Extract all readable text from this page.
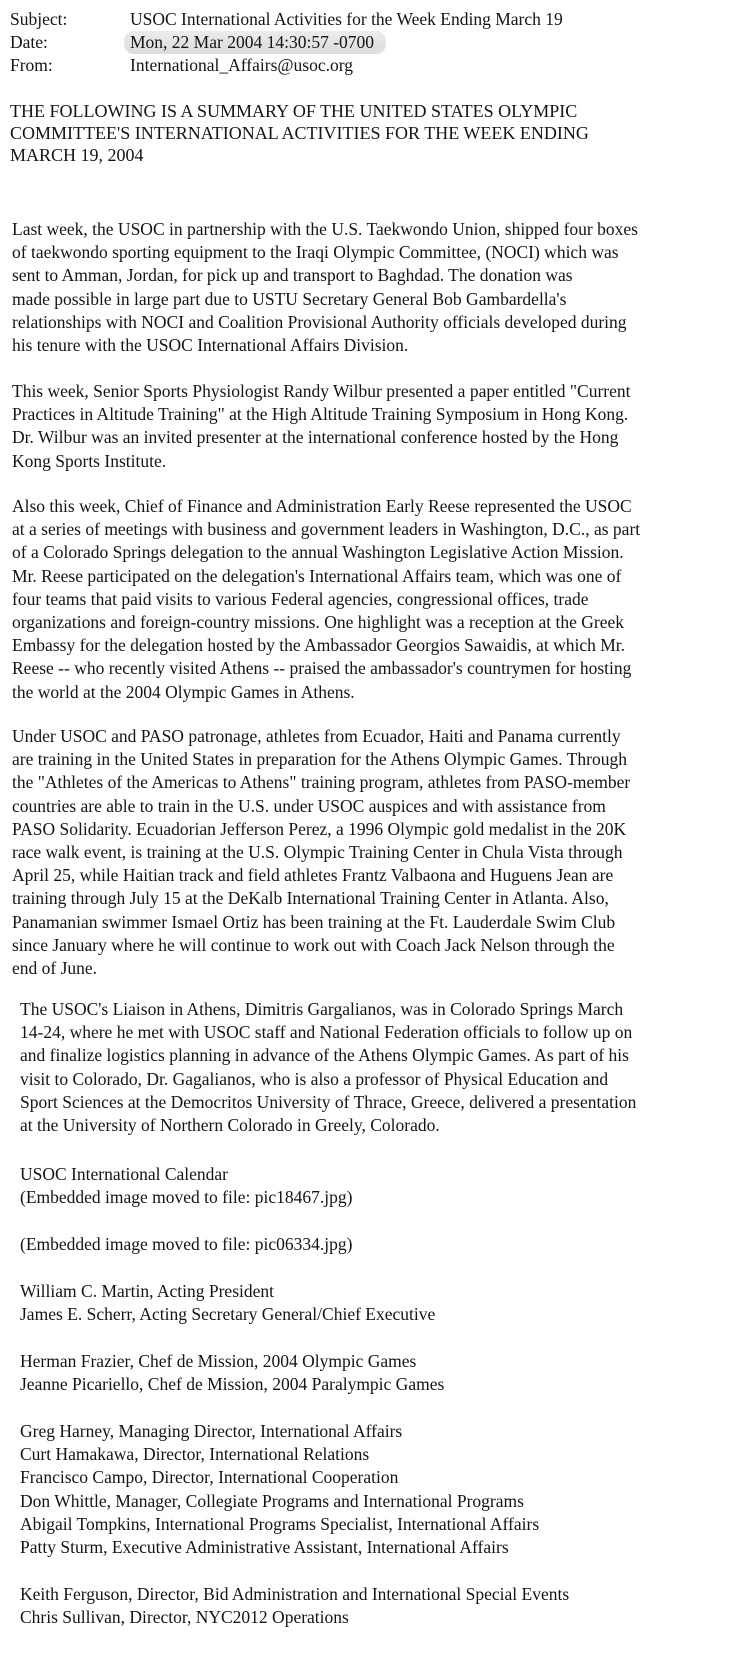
Subject:	USOC International Activities for the Week Ending March 19
Date:	Mon, 22 Mar 2004 14:30:57 -0700
From:	International_Affairs@usoc.org
THE FOLLOWING IS A SUMMARY OF THE UNITED STATES OLYMPIC
COMMITTEE'S INTERNATIONAL ACTIVITIES FOR THE WEEK ENDING
MARCH 19, 2004
Last week, the USOC in partnership with the U.S. Taekwondo Union, shipped four boxes
of taekwondo sporting equipment to the Iraqi Olympic Committee, (NOCI) which was
sent to Amman, Jordan, for pick up and transport to Baghdad. The donation was
made possible in large part due to USTU Secretary General Bob Gambardella's
relationships with NOCI and Coalition Provisional Authority officials developed during
his tenure with the USOC International Affairs Division.
This week, Senior Sports Physiologist Randy Wilbur presented a paper entitled "Current
Practices in Altitude Training" at the High Altitude Training Symposium in Hong Kong.
Dr. Wilbur was an invited presenter at the international conference hosted by the Hong
Kong Sports Institute.
Also this week, Chief of Finance and Administration Early Reese represented the USOC
at a series of meetings with business and government leaders in Washington, D.C., as part
of a Colorado Springs delegation to the annual Washington Legislative Action Mission.
Mr. Reese participated on the delegation's International Affairs team, which was one of
four teams that paid visits to various Federal agencies, congressional offices, trade
organizations and foreign-country missions. One highlight was a reception at the Greek
Embassy for the delegation hosted by the Ambassador Georgios Sawaidis, at which Mr.
Reese -- who recently visited Athens -- praised the ambassador's countrymen for hosting
the world at the 2004 Olympic Games in Athens.
Under USOC and PASO patronage, athletes from Ecuador, Haiti and Panama currently
are training in the United States in preparation for the Athens Olympic Games. Through
the "Athletes of the Americas to Athens" training program, athletes from PASO-member
countries are able to train in the U.S. under USOC auspices and with assistance from
PASO Solidarity. Ecuadorian Jefferson Perez, a 1996 Olympic gold medalist in the 20K
race walk event, is training at the U.S. Olympic Training Center in Chula Vista through
April 25, while Haitian track and field athletes Frantz Valbaona and Huguens Jean are
training through July 15 at the DeKalb International Training Center in Atlanta. Also,
Panamanian swimmer Ismael Ortiz has been training at the Ft. Lauderdale Swim Club
since January where he will continue to work out with Coach Jack Nelson through the
end of June.
The USOC's Liaison in Athens, Dimitris Gargalianos, was in Colorado Springs March
14-24, where he met with USOC staff and National Federation officials to follow up on
and finalize logistics planning in advance of the Athens Olympic Games. As part of his
visit to Colorado, Dr. Gagalianos, who is also a professor of Physical Education and
Sport Sciences at the Democritos University of Thrace, Greece, delivered a presentation
at the University of Northern Colorado in Greely, Colorado.
USOC International Calendar
(Embedded image moved to file: pic18467.jpg)
(Embedded image moved to file: pic06334.jpg)
William C. Martin, Acting President
James E. Scherr, Acting Secretary General/Chief Executive
Herman Frazier, Chef de Mission, 2004 Olympic Games
Jeanne Picariello, Chef de Mission, 2004 Paralympic Games
Greg Harney, Managing Director, International Affairs
Curt Hamakawa, Director, International Relations
Francisco Campo, Director, International Cooperation
Don Whittle, Manager, Collegiate Programs and International Programs
Abigail Tompkins, International Programs Specialist, International Affairs
Patty Sturm, Executive Administrative Assistant, International Affairs
Keith Ferguson, Director, Bid Administration and International Special Events
Chris Sullivan, Director, NYC2012 Operations
